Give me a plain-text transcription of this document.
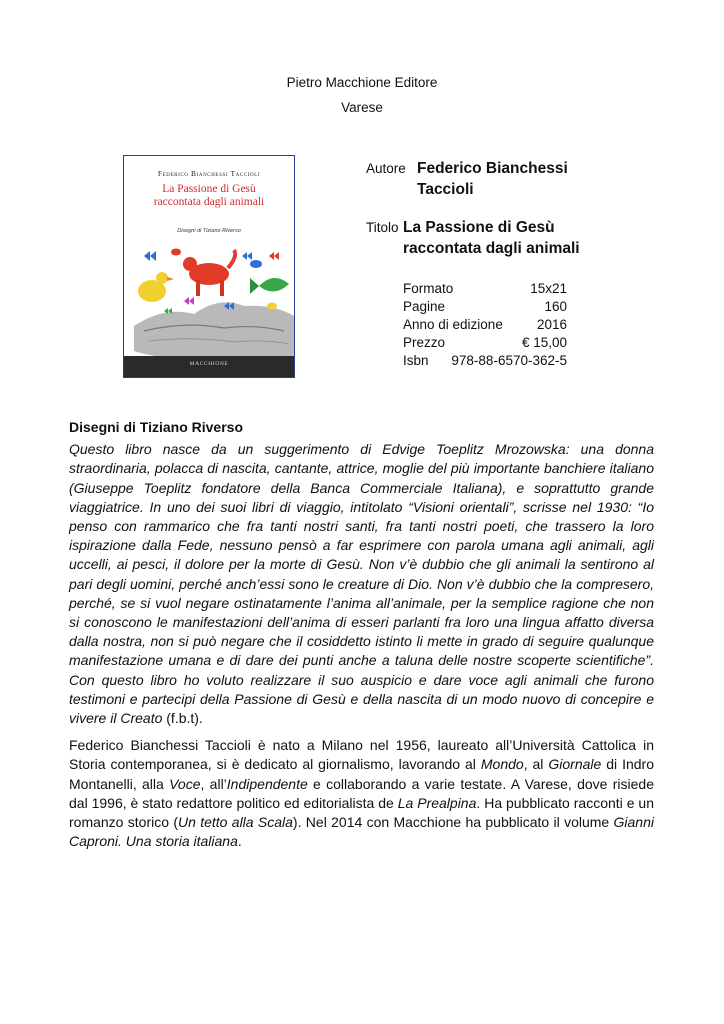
Pietro Macchione Editore
Varese
Federico Bianchessi Taccioli
La Passione di Gesù
raccontata dagli animali
Disegni di Tiziano Riverso
MACCHIONE
Autore Federico Bianchessi
Taccioli
Titolo La Passione di Gesù
raccontata dagli animali
Formato	15x21
Pagine	160
Anno di edizione	2016
Prezzo	€ 15,00
Isbn 978-88-6570-362-5
Disegni di Tiziano Riverso

Questo libro nasce da un suggerimento di Edvige Toeplitz Mrozowska: una donna straordinaria, polacca di nascita, cantante, attrice, moglie del più importante banchiere italiano (Giuseppe Toeplitz fondatore della Banca Commerciale Italiana), e soprattutto grande viaggiatrice. In uno dei suoi libri di viaggio, intitolato “Visioni orientali”, scrisse nel 1930: “Io penso con rammarico che fra tanti nostri santi, fra tanti nostri poeti, che trassero la loro ispirazione dalla Fede, nessuno pensò a far esprimere con parola umana agli animali, agli uccelli, ai pesci, il dolore per la morte di Gesù. Non v’è dubbio che gli animali la sentirono al pari degli uomini, perché anch’essi sono le creature di Dio. Non v’è dubbio che la compresero, perché, se si vuol negare ostinatamente l’anima all’animale, per la semplice ragione che non si conoscono le manifestazioni dell’anima di esseri parlanti fra loro una lingua affatto diversa dalla nostra, non si può negare che il cosiddetto istinto li mette in grado di seguire qualunque manifestazione umana e di dare dei punti anche a taluna delle nostre scoperte scientifiche”. Con questo libro ho voluto realizzare il suo auspicio e dare voce agli animali che furono testimoni e partecipi della Passione di Gesù e della nascita di un modo nuovo di concepire e vivere il Creato (f.b.t).

Federico Bianchessi Taccioli è nato a Milano nel 1956, laureato all’Università Cattolica in Storia contemporanea, si è dedicato al giornalismo, lavorando al Mondo, al Giornale di Indro Montanelli, alla Voce, all’Indipendente e collaborando a varie testate. A Varese, dove risiede dal 1996, è stato redattore politico ed editorialista de La Prealpina. Ha pubblicato racconti e un romanzo storico (Un tetto alla Scala). Nel 2014 con Macchione ha pubblicato il volume Gianni Caproni. Una storia italiana.
